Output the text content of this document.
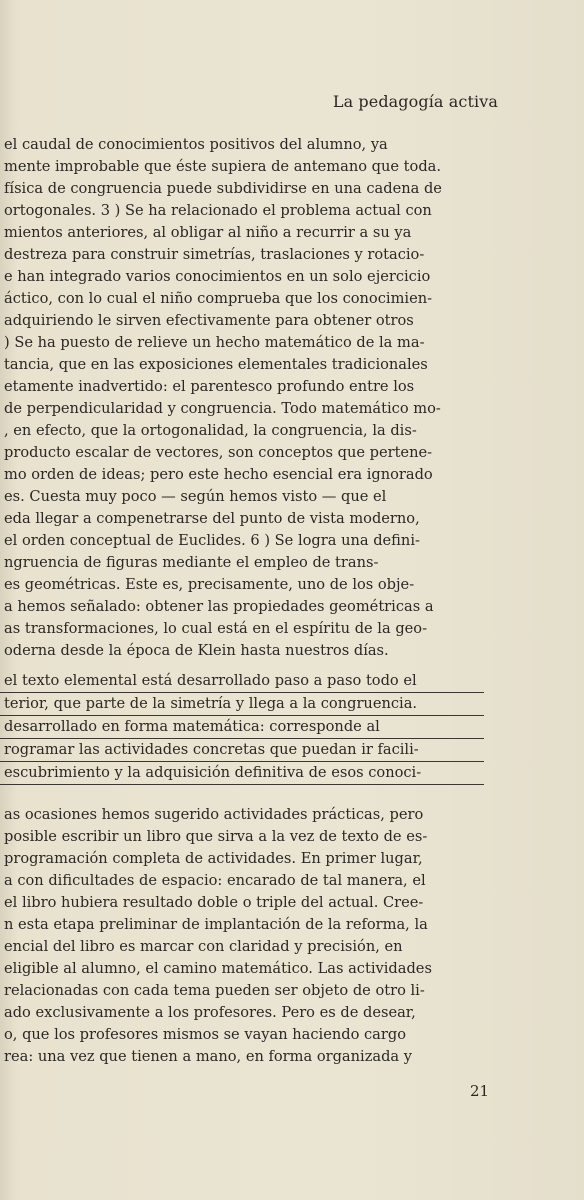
La pedagogía activa
el caudal de conocimientos positivos del alumno, ya
mente improbable que éste supiera de antemano que toda.
física de congruencia puede subdividirse en una cadena de
ortogonales. 3 ) Se ha relacionado el problema actual con
mientos anteriores, al obligar al niño a recurrir a su ya
destreza para construir simetrías, traslaciones y rotacio-
e han integrado varios conocimientos en un solo ejercicio
áctico, con lo cual el niño comprueba que los conocimien-
adquiriendo le sirven efectivamente para obtener otros
) Se ha puesto de relieve un hecho matemático de la ma-
tancia, que en las exposiciones elementales tradicionales
etamente inadvertido: el parentesco profundo entre los
de perpendicularidad y congruencia. Todo matemático mo-
, en efecto, que la ortogonalidad, la congruencia, la dis-
producto escalar de vectores, son conceptos que pertene-
mo orden de ideas; pero este hecho esencial era ignorado
es. Cuesta muy poco — según hemos visto — que el
eda llegar a compenetrarse del punto de vista moderno,
el orden conceptual de Euclides. 6 ) Se logra una defini-
ngruencia de figuras mediante el empleo de trans-
es geométricas. Este es, precisamente, uno de los obje-
a hemos señalado: obtener las propiedades geométricas a
as transformaciones, lo cual está en el espíritu de la geo-
oderna desde la época de Klein hasta nuestros días.
el texto elemental está desarrollado paso a paso todo el
terior, que parte de la simetría y llega a la congruencia.
desarrollado en forma matemática: corresponde al
rogramar las actividades concretas que puedan ir facili-
escubrimiento y la adquisición definitiva de esos conoci-
as ocasiones hemos sugerido actividades prácticas, pero
posible escribir un libro que sirva a la vez de texto de es-
programación completa de actividades. En primer lugar,
a con dificultades de espacio: encarado de tal manera, el
el libro hubiera resultado doble o triple del actual. Cree-
n esta etapa preliminar de implantación de la reforma, la
encial del libro es marcar con claridad y precisión, en
eligible al alumno, el camino matemático. Las actividades
relacionadas con cada tema pueden ser objeto de otro li-
ado exclusivamente a los profesores. Pero es de desear,
o, que los profesores mismos se vayan haciendo cargo
rea: una vez que tienen a mano, en forma organizada y
21
